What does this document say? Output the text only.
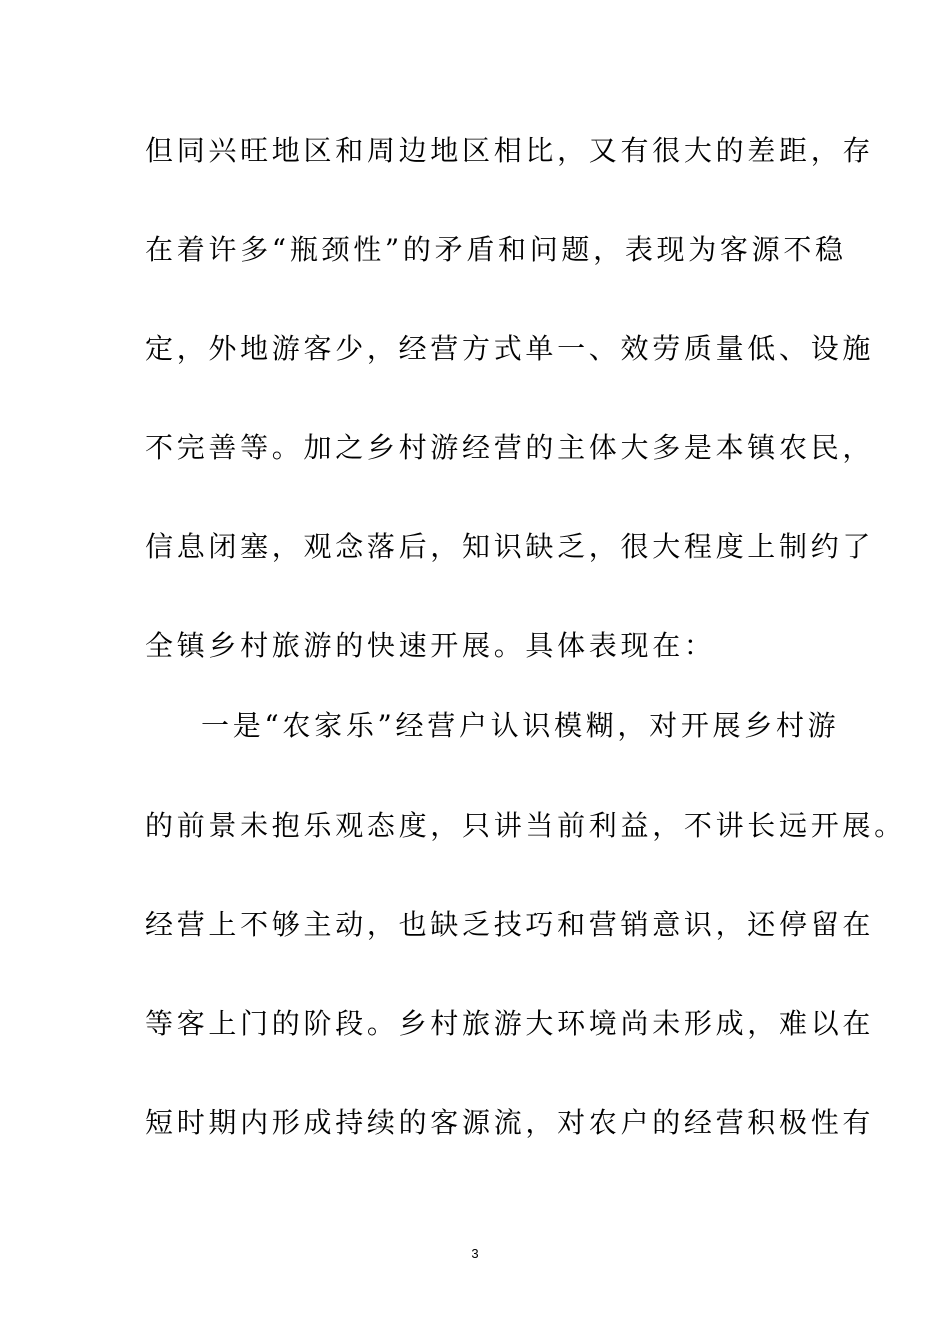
但同兴旺地区和周边地区相比，又有很大的差距，存
在着许多“瓶颈性”的矛盾和问题，表现为客源不稳
定，外地游客少，经营方式单一、效劳质量低、设施
不完善等。加之乡村游经营的主体大多是本镇农民，
信息闭塞，观念落后，知识缺乏，很大程度上制约了
全镇乡村旅游的快速开展。具体表现在：
一是“农家乐”经营户认识模糊，对开展乡村游
的前景未抱乐观态度，只讲当前利益，不讲长远开展。
经营上不够主动，也缺乏技巧和营销意识，还停留在
等客上门的阶段。乡村旅游大环境尚未形成，难以在
短时期内形成持续的客源流，对农户的经营积极性有
3
